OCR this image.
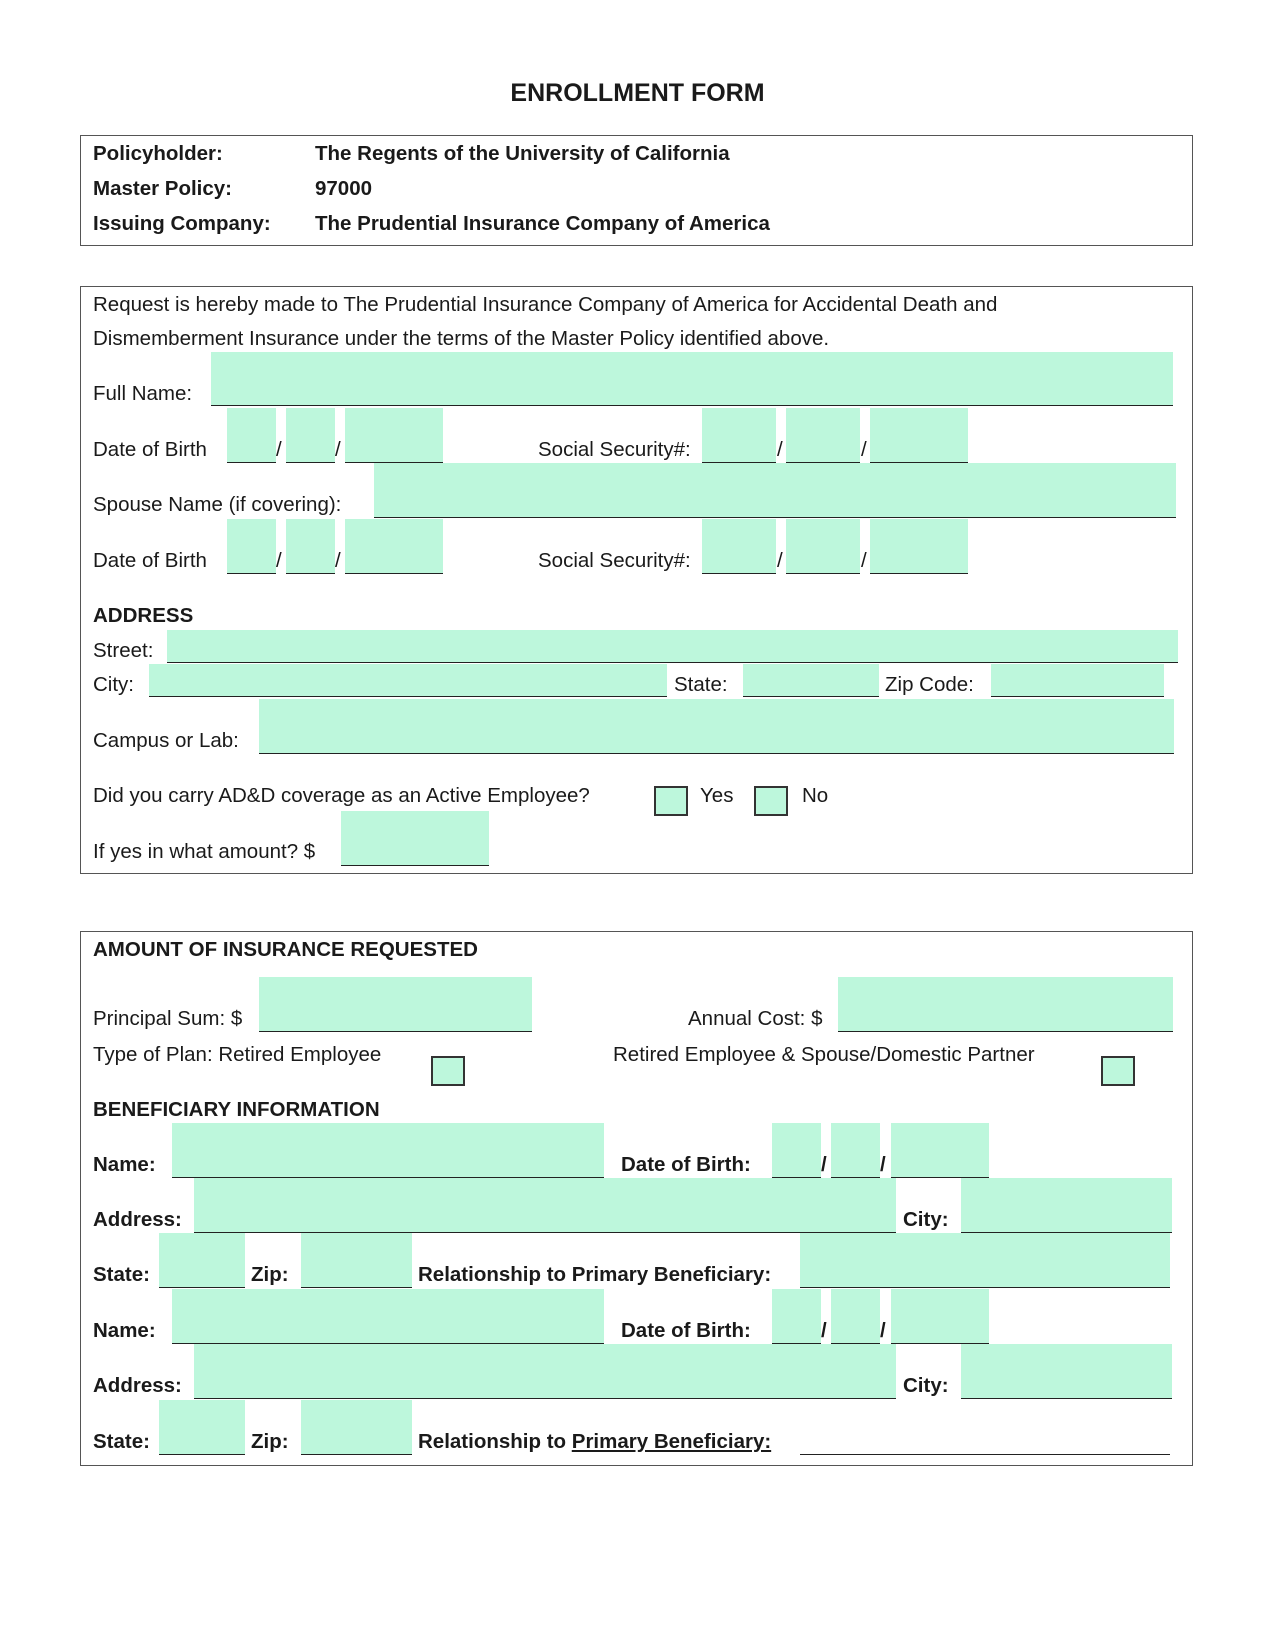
ENROLLMENT FORM
Policyholder:	The Regents of the University of California
Master Policy:	97000
Issuing Company: The Prudential Insurance Company of America
Request is hereby made to The Prudential Insurance Company of America for Accidental Death and
Dismemberment Insurance under the terms of the Master Policy identified above.
Full Name:
Date of Birth	/	/	Social Security#:	/	/
Spouse Name (if covering):
Date of Birth	/	/	Social Security#:	/	/
ADDRESS
Street:
City:	State:	Zip Code:
Campus or Lab:
Did you carry AD&D coverage as an Active Employee?	Yes	No
If yes in what amount? $
AMOUNT OF INSURANCE REQUESTED
Principal Sum: $	Annual Cost: $
Type of Plan: Retired Employee	Retired Employee & Spouse/Domestic Partner
BENEFICIARY INFORMATION
Name:	Date of Birth:	/	/
Address:	City:
State:	Zip:	Relationship to Primary Beneficiary:
Name:	Date of Birth:	/	/
Address:	City:
State:	Zip:	Relationship to Primary Beneficiary:
